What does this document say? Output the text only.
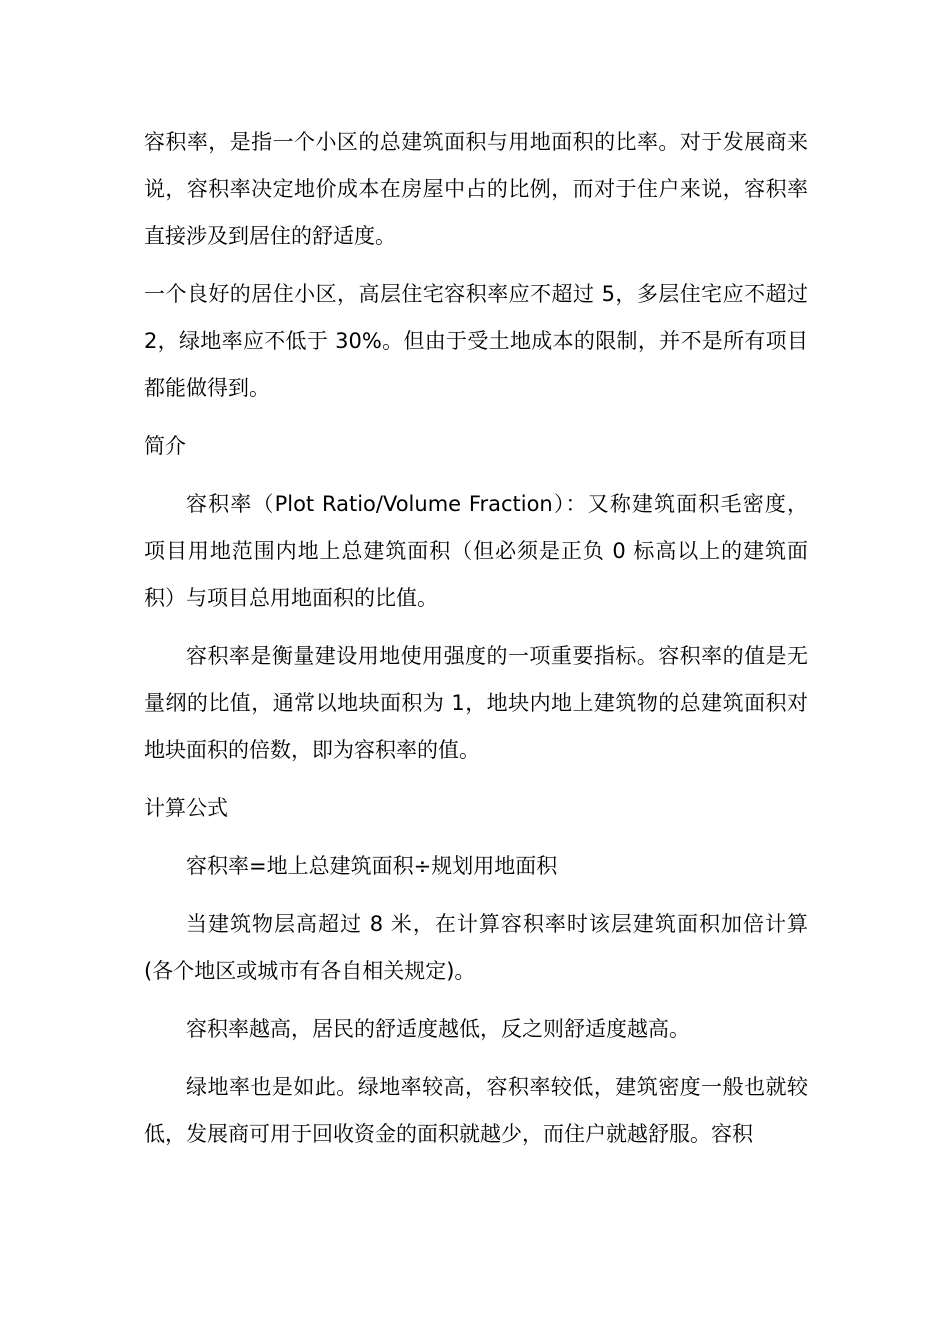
容积率，是指一个小区的总建筑面积与用地面积的比率。对于发展商来说，容积率决定地价成本在房屋中占的比例，而对于住户来说，容积率直接涉及到居住的舒适度。

一个良好的居住小区，高层住宅容积率应不超过 5，多层住宅应不超过 2，绿地率应不低于 30%。但由于受土地成本的限制，并不是所有项目都能做得到。

简介

容积率（Plot Ratio/Volume Fraction）：又称建筑面积毛密度，项目用地范围内地上总建筑面积（但必须是正负 0 标高以上的建筑面积）与项目总用地面积的比值。

容积率是衡量建设用地使用强度的一项重要指标。容积率的值是无量纲的比值，通常以地块面积为 1，地块内地上建筑物的总建筑面积对地块面积的倍数，即为容积率的值。

计算公式

容积率=地上总建筑面积÷规划用地面积

当建筑物层高超过 8 米，在计算容积率时该层建筑面积加倍计算(各个地区或城市有各自相关规定)。

容积率越高，居民的舒适度越低，反之则舒适度越高。

绿地率也是如此。绿地率较高，容积率较低，建筑密度一般也就较低，发展商可用于回收资金的面积就越少，而住户就越舒服。容积
